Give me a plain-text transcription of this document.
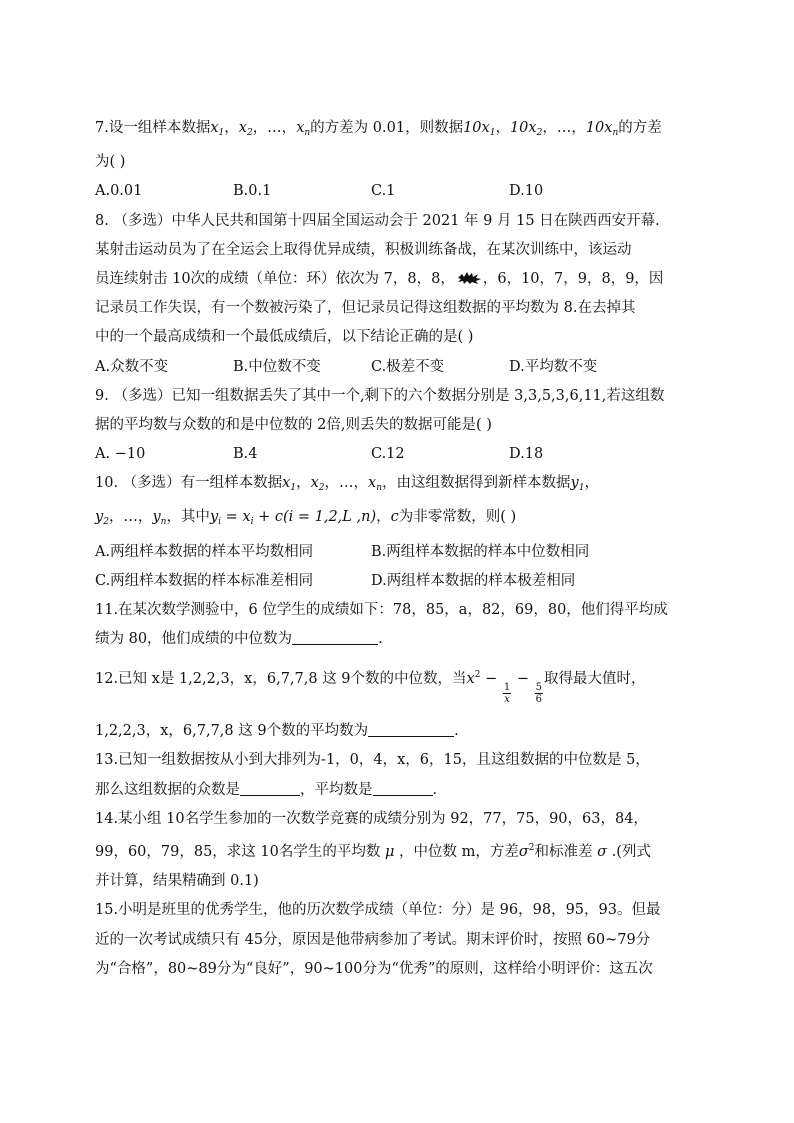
7.设一组样本数据$x_1$，$x_2$，…，$x_n$的方差为 0.01，则数据$10x_1$，$10x_2$，…，$10x_n$的方差
为( )
A.0.01	B.0.1	C.1	D.10
8. （多选）中华人民共和国第十四届全国运动会于 2021 年 9 月 15 日在陕西西安开幕.
某射击运动员为了在全运会上取得优异成绩，积极训练备战，在某次训练中，该运动
员连续射击 10次的成绩（单位：环）依次为 7，8，8， ，6，10，7，9，8，9，因
记录员工作失误，有一个数被污染了，但记录员记得这组数据的平均数为 8.在去掉其
中的一个最高成绩和一个最低成绩后，以下结论正确的是( )
A.众数不变	B.中位数不变	C.极差不变	D.平均数不变
9. （多选）已知一组数据丢失了其中一个,剩下的六个数据分别是 3,3,5,3,6,11,若这组数
据的平均数与众数的和是中位数的 2倍,则丢失的数据可能是( )
A. −10	B.4	C.12	D.18
10. （多选）有一组样本数据$x_1$，$x_2$，…，$x_n$，由这组数据得到新样本数据$y_1$，
$y_2$，…，$y_n$，其中$y_i = x_i + c(i = 1,2,L$ ,n)，c为非零常数，则( )
A.两组样本数据的样本平均数相同	B.两组样本数据的样本中位数相同
C.两组样本数据的样本标准差相同	D.两组样本数据的样本极差相同
11.在某次数学测验中，6 位学生的成绩如下：78，85，a，82，69，80，他们得平均成
绩为 80，他们成绩的中位数为	.
12.已知 x是 1,2,2,3，x，6,7,7,8 这 9个数的中位数，当$x^2$ −
$\frac{1}{x}$
−
$\frac{5}{6}$
取得最大值时，
1,2,2,3，x，6,7,7,8 这 9个数的平均数为	.
13.已知一组数据按从小到大排列为-1，0，4，x，6，15，且这组数据的中位数是 5，
那么这组数据的众数是	，平均数是	.
14.某小组 10名学生参加的一次数学竞赛的成绩分别为 92，77，75，90，63，84，
99，60，79，85，求这 10名学生的平均数 μ ，中位数 m，方差$\sigma^2$和标准差 σ .(列式
并计算，结果精确到 0.1)
15.小明是班里的优秀学生，他的历次数学成绩（单位：分）是 96，98，95，93。但最
近的一次考试成绩只有 45分，原因是他带病参加了考试。期末评价时，按照 60~79分
为“合格”，80~89分为“良好”，90~100分为“优秀”的原则，这样给小明评价：这五次
